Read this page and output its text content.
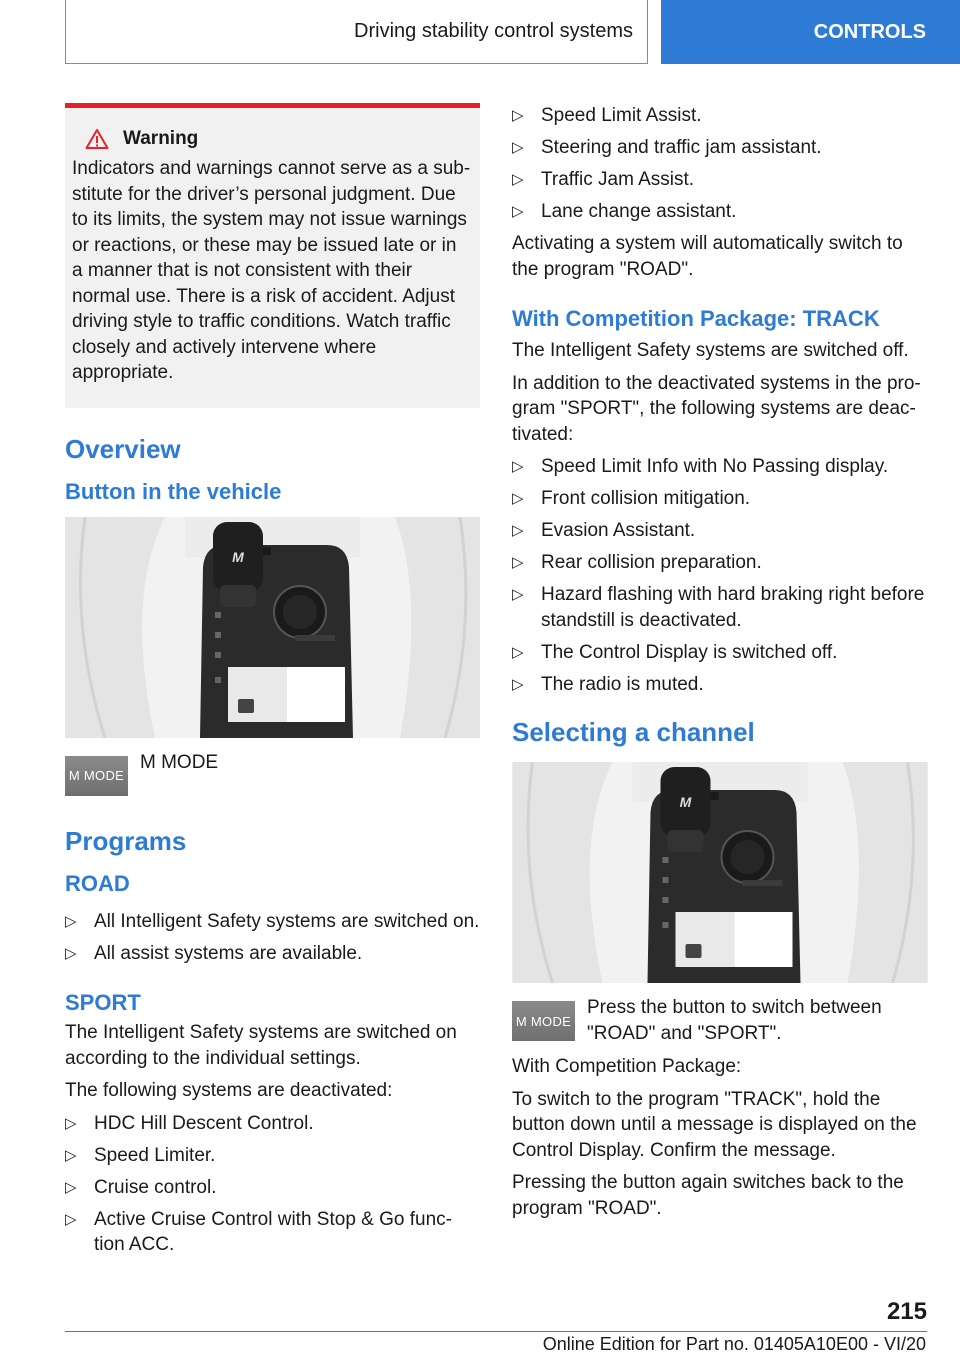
Driving stability control systems	CONTROLS
Warning
Indicators and warnings cannot serve as a sub-stitute for the driver’s personal judgment. Due to its limits, the system may not issue warnings or reactions, or these may be issued late or in a manner that is not consistent with their normal use. There is a risk of accident. Adjust driving style to traffic conditions. Watch traffic closely and actively intervene where appropriate.
Overview
Button in the vehicle
M MODE
M MODE
Programs
ROAD
▷ All Intelligent Safety systems are switched on.
▷ All assist systems are available.
SPORT

The Intelligent Safety systems are switched on according to the individual settings.

The following systems are deactivated:

▷ HDC Hill Descent Control.
▷ Speed Limiter.
▷ Cruise control.
▷ Active Cruise Control with Stop & Go func-tion ACC.
▷ Speed Limit Assist.
▷ Steering and traffic jam assistant.
▷ Traffic Jam Assist.
▷ Lane change assistant.

Activating a system will automatically switch to the program "ROAD".

With Competition Package: TRACK

The Intelligent Safety systems are switched off.

In addition to the deactivated systems in the pro-gram "SPORT", the following systems are deac-tivated:

▷ Speed Limit Info with No Passing display.
▷ Front collision mitigation.
▷ Evasion Assistant.
▷ Rear collision preparation.
▷ Hazard flashing with hard braking right before standstill is deactivated.
▷ The Control Display is switched off.
▷ The radio is muted.
Selecting a channel
M MODE
Press the button to switch between "ROAD" and "SPORT".

With Competition Package:

To switch to the program "TRACK", hold the button down until a message is displayed on the Control Display. Confirm the message.

Pressing the button again switches back to the program "ROAD".

215
Online Edition for Part no. 01405A10E00 - VI/20
